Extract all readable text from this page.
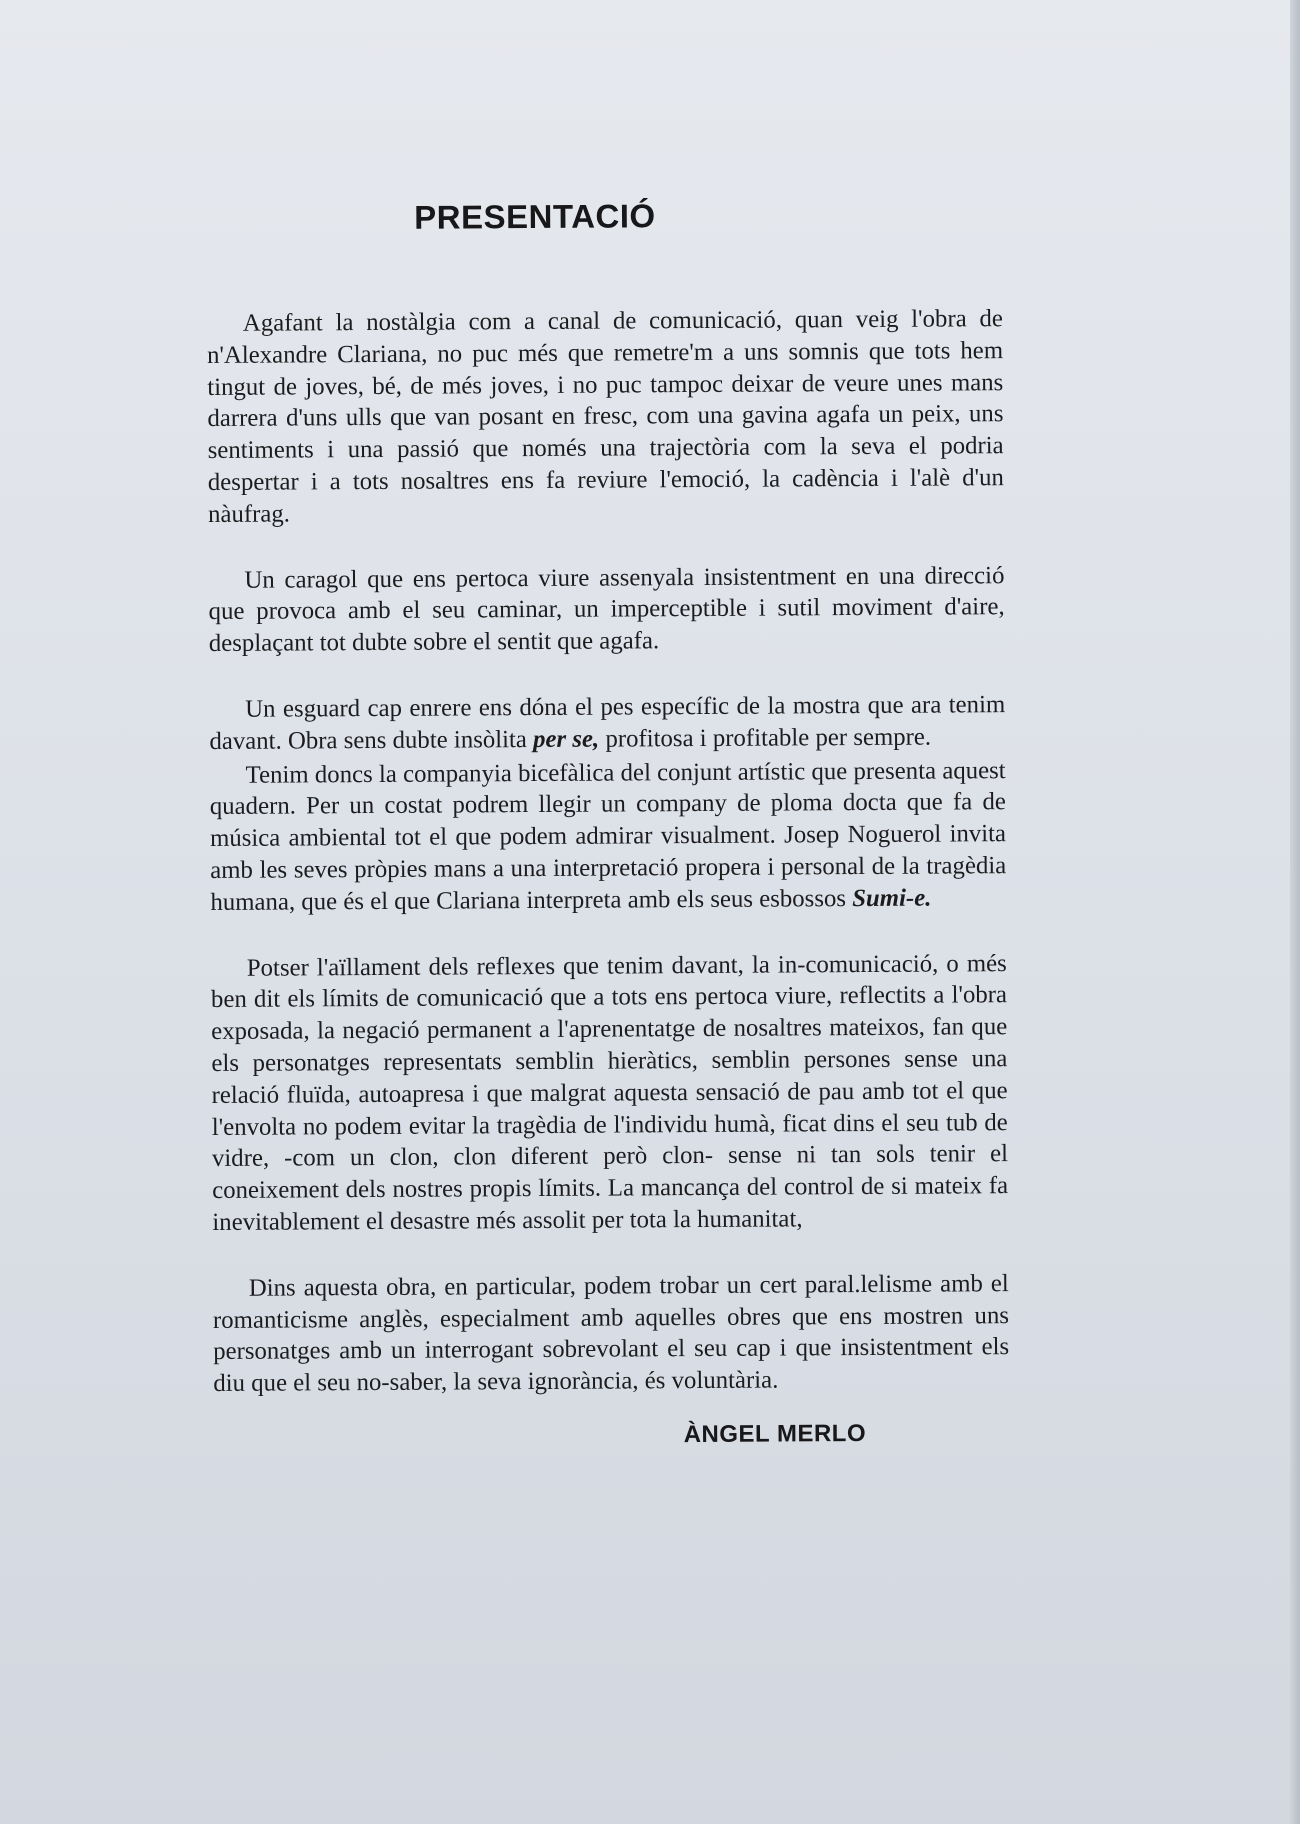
PRESENTACIÓ

Agafant la nostàlgia com a canal de comunicació, quan veig l'obra de n'Alexandre Clariana, no puc més que remetre'm a uns somnis que tots hem tingut de joves, bé, de més joves, i no puc tampoc deixar de veure unes mans darrera d'uns ulls que van posant en fresc, com una gavina agafa un peix, uns sentiments i una passió que només una trajectòria com la seva el podria despertar i a tots nosaltres ens fa reviure l'emoció, la cadència i l'alè d'un nàufrag.

Un caragol que ens pertoca viure assenyala insistentment en una direcció que provoca amb el seu caminar, un imperceptible i sutil moviment d'aire, desplaçant tot dubte sobre el sentit que agafa.

Un esguard cap enrere ens dóna el pes específic de la mostra que ara tenim davant. Obra sens dubte insòlita per se, profitosa i profitable per sempre.

Tenim doncs la companyia bicefàlica del conjunt artístic que presenta aquest quadern. Per un costat podrem llegir un company de ploma docta que fa de música ambiental tot el que podem admirar visualment. Josep Noguerol invita amb les seves pròpies mans a una interpretació propera i personal de la tragèdia humana, que és el que Clariana interpreta amb els seus esbossos Sumi-e.

Potser l'aïllament dels reflexes que tenim davant, la in-comunicació, o més ben dit els límits de comunicació que a tots ens pertoca viure, reflectits a l'obra exposada, la negació permanent a l'aprenentatge de nosaltres mateixos, fan que els personatges representats semblin hieràtics, semblin persones sense una relació fluïda, autoapresa i que malgrat aquesta sensació de pau amb tot el que l'envolta no podem evitar la tragèdia de l'individu humà, ficat dins el seu tub de vidre, -com un clon, clon diferent però clon- sense ni tan sols tenir el coneixement dels nostres propis límits. La mancança del control de si mateix fa inevitablement el desastre més assolit per tota la humanitat,

Dins aquesta obra, en particular, podem trobar un cert paral.lelisme amb el romanticisme anglès, especialment amb aquelles obres que ens mostren uns personatges amb un interrogant sobrevolant el seu cap i que insistentment els diu que el seu no-saber, la seva ignorància, és voluntària.

ÀNGEL MERLO
